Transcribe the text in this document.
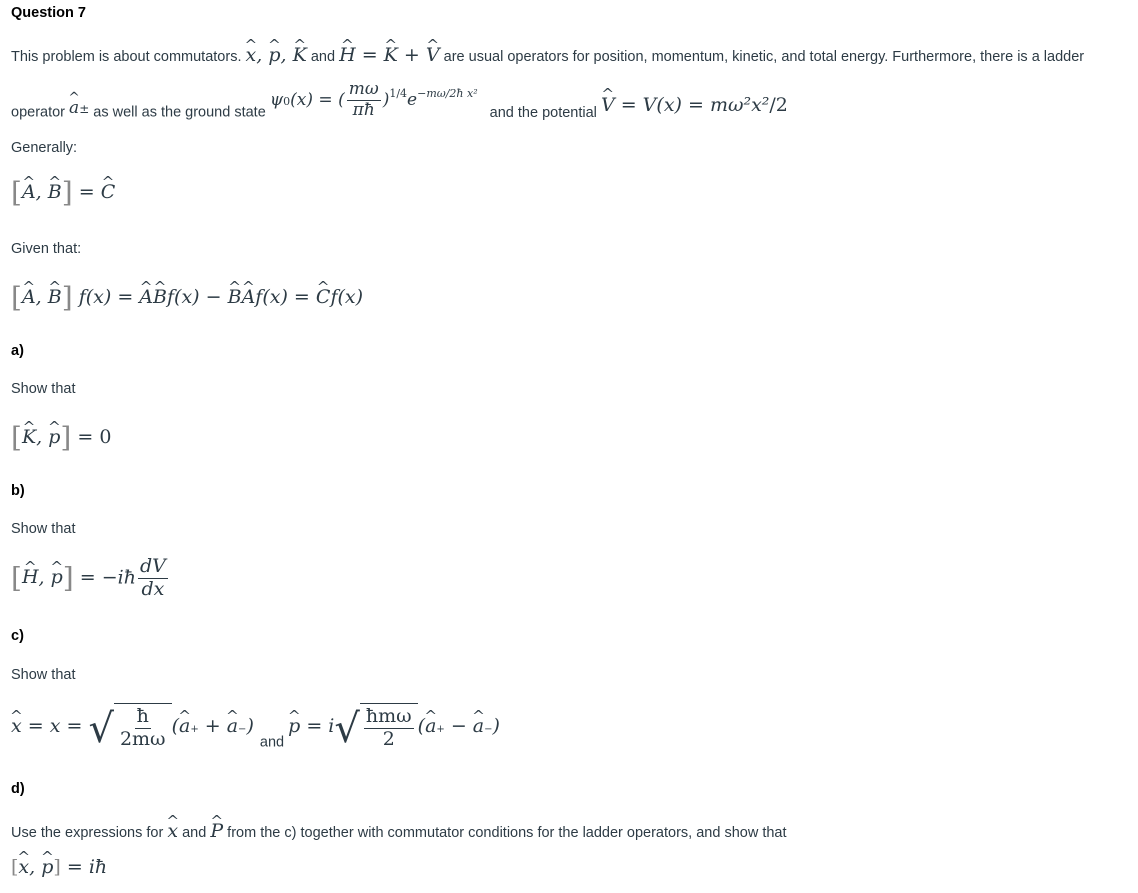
Question 7
This problem is about commutators. ^ x, ^ p, ^ K and ^ H = ^ K + ^ V are usual operators for position, momentum, kinetic, and total energy. Furthermore, there is a ladder
operator ^ a± as well as the ground state ψ0(x) = ( $\frac{m\omega}{\pi ħ} )^{1/4}e^{-m\omega/2ħ x^2}$ and the potential ^ V = V(x) = mω²x²/2
Generally:
[^ A, ^ B] = ^ C
Given that:
[^ A, ^ B] f(x) = ^ A^ Bf(x) − ^ B^ Af(x) = ^ Cf(x)
a)
Show that
[^ K, ^ p] = 0
b)
Show that
[^ H, ^ p] = −iħ $\frac{dV}{dx}$
c)
Show that
^ x = x = √ $\frac{ħ}{2m\omega}$ (^ a+ + ^ a−) and ^ $p = i√ \frac{\text{ħmω}}{2}$ (^ a+ − ^ a−)
d)
Use the expressions for ^ x and ^ P from the c) together with commutator conditions for the ladder operators, and show that
[^ x, ^ p] = iħ
